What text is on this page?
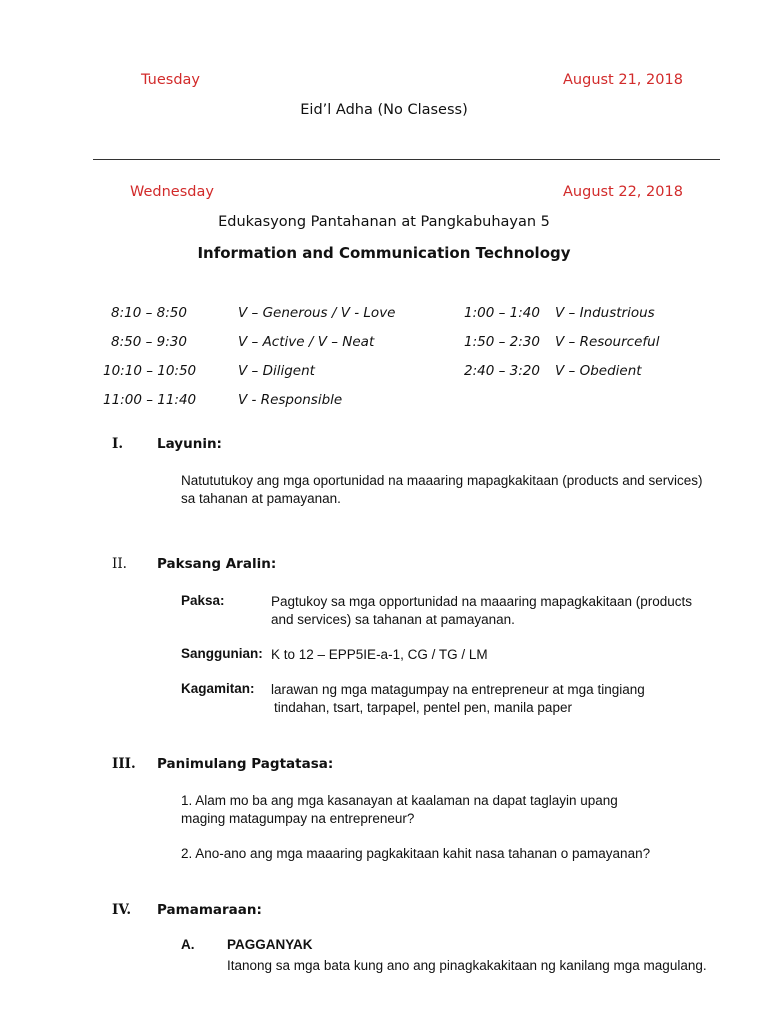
Tuesday	August 21, 2018
Eid’l Adha (No Clasess)
Wednesday	August 22, 2018
Edukasyong Pantahanan at Pangkabuhayan 5
Information and Communication Technology
8:10 – 8:50	V – Generous / V - Love
8:50 – 9:30	V – Active / V – Neat
10:10 – 10:50	V – Diligent
11:00 – 11:40	V - Responsible
1:00 – 1:40 V – Industrious
1:50 – 2:30 V – Resourceful
2:40 – 3:20 V – Obedient
I.	Layunin:
Natututukoy ang mga oportunidad na maaaring mapagkakitaan (products and services)
sa tahanan at pamayanan.
II. Paksang Aralin:
Paksa:	Pagtukoy sa mga opportunidad na maaaring mapagkakitaan (products
and services) sa tahanan at pamayanan.
Sanggunian: K to 12 – EPP5IE-a-1, CG / TG / LM
Kagamitan: larawan ng mga matagumpay na entrepreneur at mga tingiang
tindahan, tsart, tarpapel, pentel pen, manila paper
III. Panimulang Pagtatasa:
1. Alam mo ba ang mga kasanayan at kaalaman na dapat taglayin upang
maging matagumpay na entrepreneur?
2. Ano-ano ang mga maaaring pagkakitaan kahit nasa tahanan o pamayanan?
IV. Pamamaraan:
A. PAGGANYAK
Itanong sa mga bata kung ano ang pinagkakakitaan ng kanilang mga magulang.
